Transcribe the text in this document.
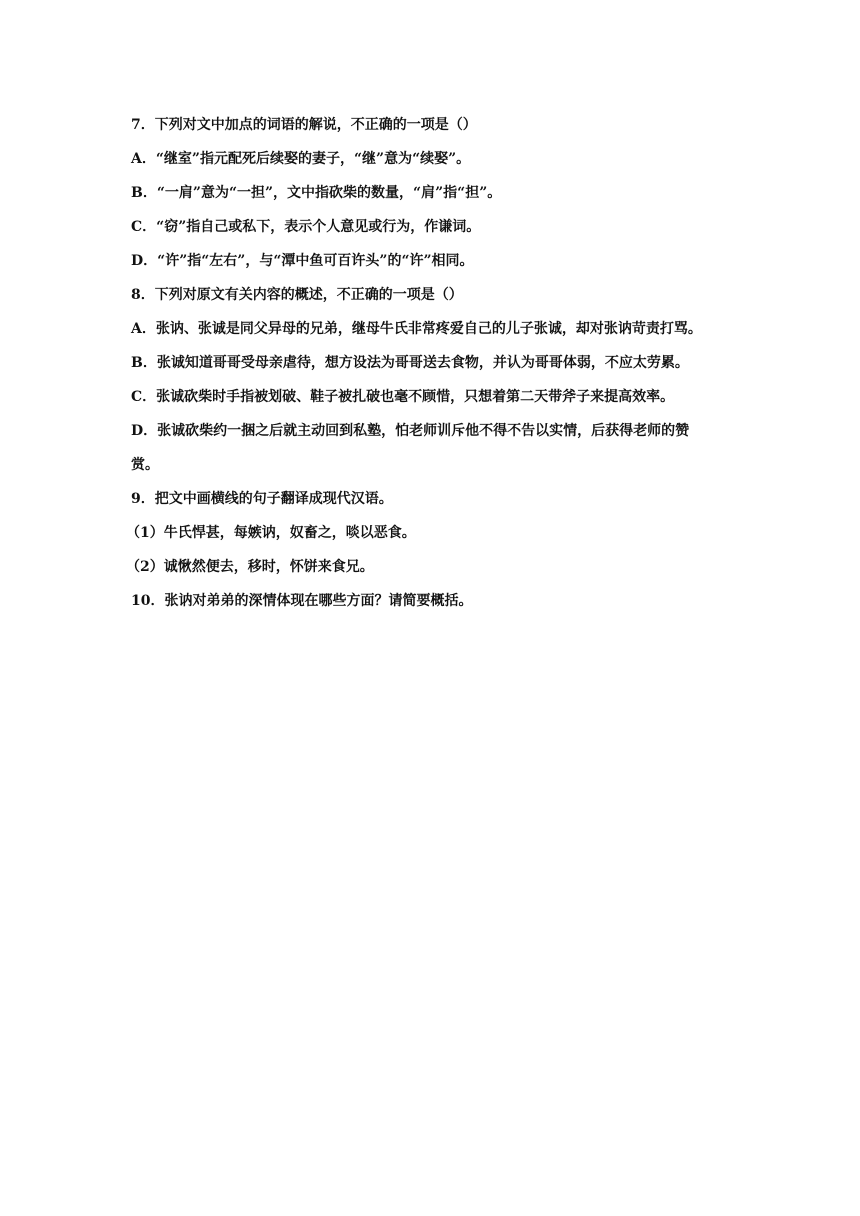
7．下列对文中加点的词语的解说，不正确的一项是（）
A．“继室”指元配死后续娶的妻子，“继”意为“续娶”。
B．“一肩”意为“一担”，文中指砍柴的数量，“肩”指“担”。
C．“窃”指自己或私下，表示个人意见或行为，作谦词。
D．“许”指“左右”，与“潭中鱼可百许头”的“许”相同。
8．下列对原文有关内容的概述，不正确的一项是（）
A．张讷、张诚是同父异母的兄弟，继母牛氏非常疼爱自己的儿子张诚，却对张讷苛责打骂。
B．张诚知道哥哥受母亲虐待，想方设法为哥哥送去食物，并认为哥哥体弱，不应太劳累。
C．张诚砍柴时手指被划破、鞋子被扎破也毫不顾惜，只想着第二天带斧子来提高效率。
D．张诚砍柴约一捆之后就主动回到私塾，怕老师训斥他不得不告以实情，后获得老师的赞
赏。
9．把文中画横线的句子翻译成现代汉语。
（1）牛氏悍甚，每嫉讷，奴畜之，啖以恶食。
（2）诚愀然便去，移时，怀饼来食兄。
10．张讷对弟弟的深情体现在哪些方面？请简要概括。
